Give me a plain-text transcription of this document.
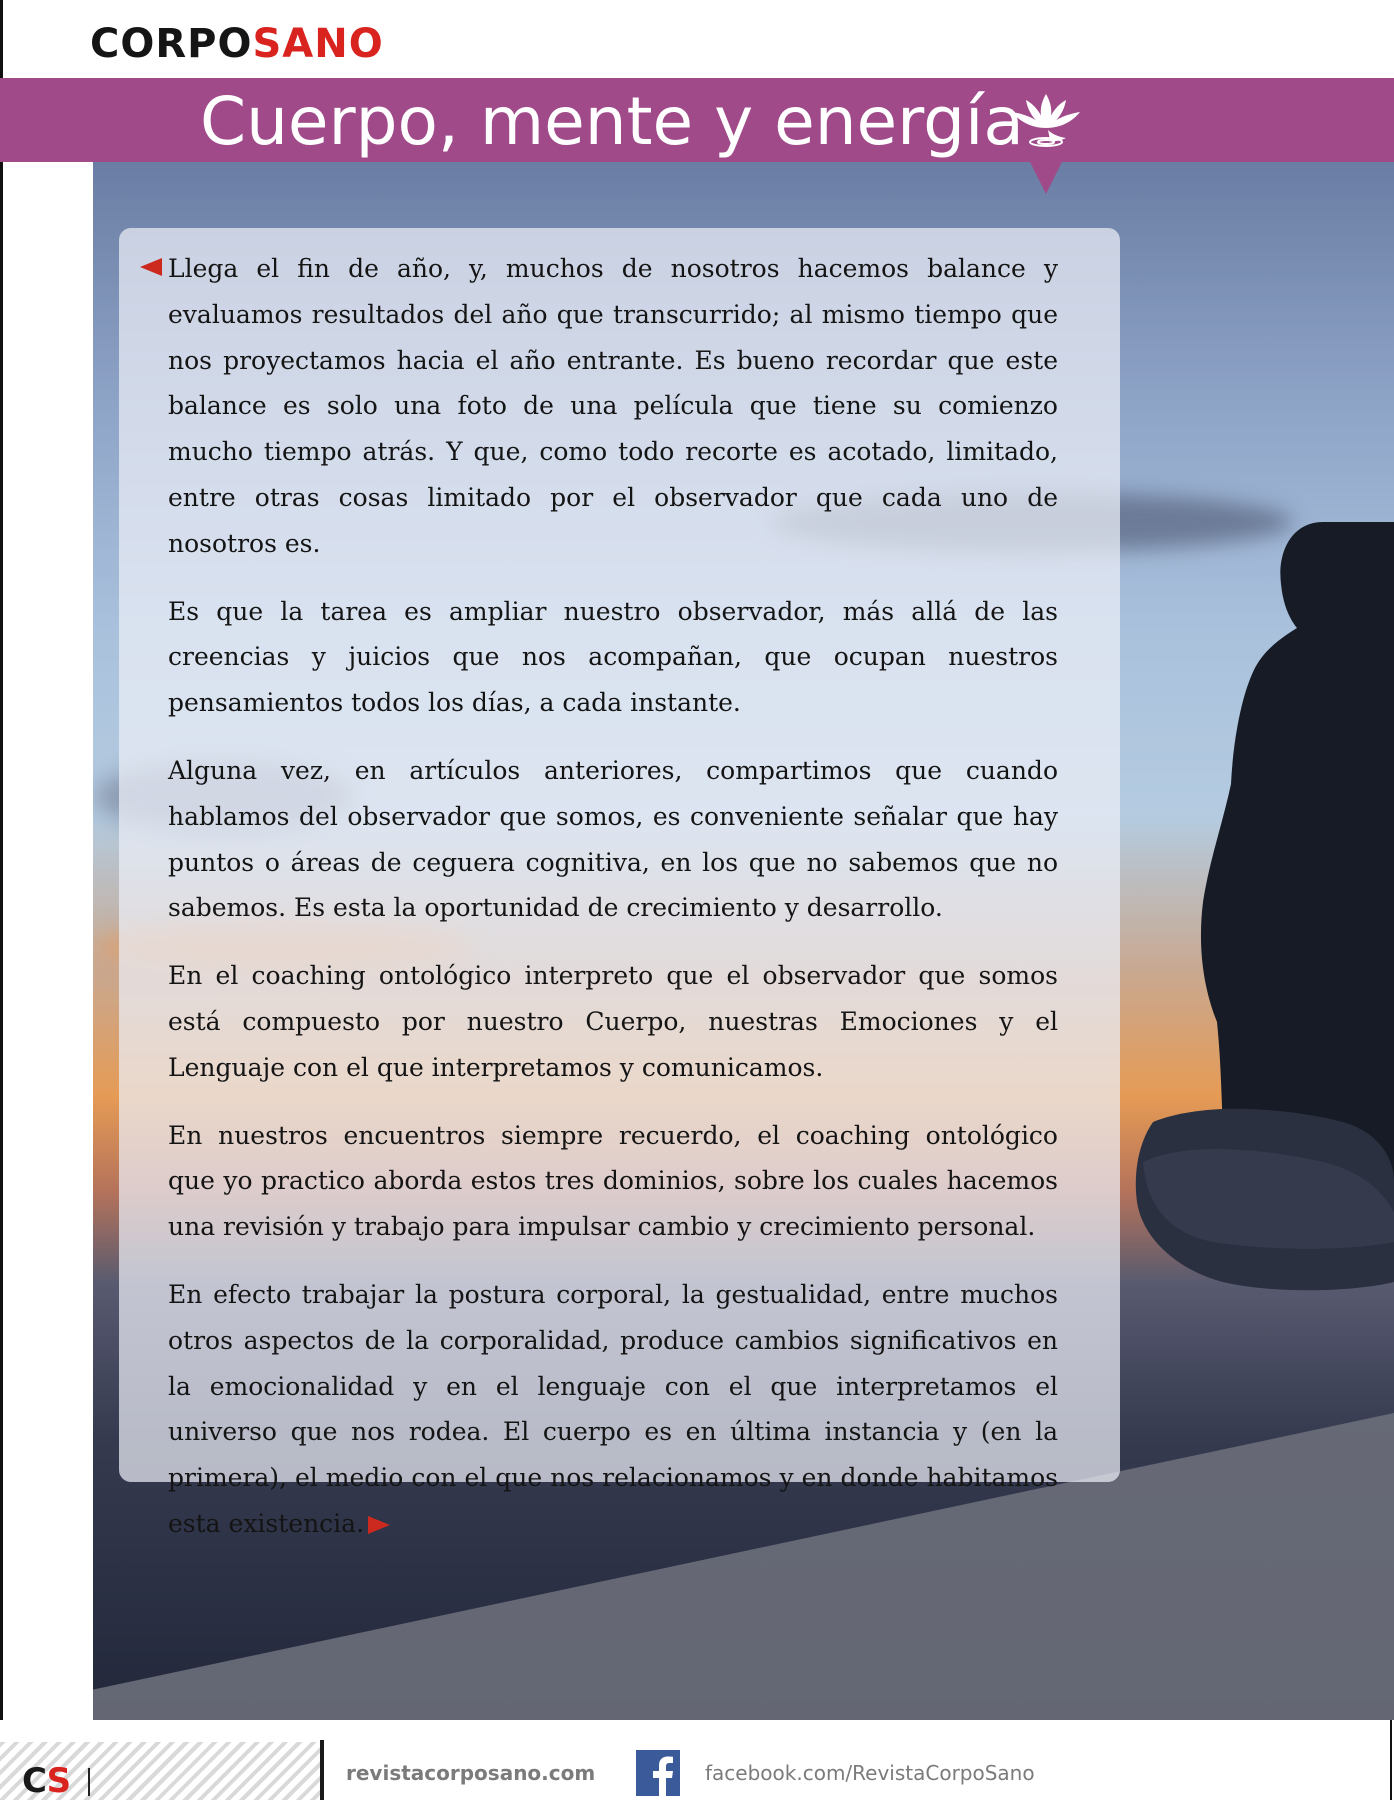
CORPO SANO
Cuerpo, mente y energía

Llega el fin de año, y, muchos de nosotros hacemos balance y evaluamos resultados del año que transcurrido; al mismo tiempo que nos proyectamos hacia el año entrante. Es bueno recordar que este balance es solo una foto de una película que tiene su comienzo mucho tiempo atrás. Y que, como todo recorte es acotado, limitado, entre otras cosas limitado por el observador que cada uno de nosotros es.

Es que la tarea es ampliar nuestro observador, más allá de las creencias y juicios que nos acompañan, que ocupan nuestros pensamientos todos los días, a cada instante.

Alguna vez, en artículos anteriores, compartimos que cuando hablamos del observador que somos, es conveniente señalar que hay puntos o áreas de ceguera cognitiva, en los que no sabemos que no sabemos. Es esta la oportunidad de crecimiento y desarrollo.

En el coaching ontológico interpreto que el observador que somos está compuesto por nuestro Cuerpo, nuestras Emociones y el Lenguaje con el que interpretamos y comunicamos.

En nuestros encuentros siempre recuerdo, el coaching ontológico que yo practico aborda estos tres dominios, sobre los cuales hacemos una revisión y trabajo para impulsar cambio y crecimiento personal.

En efecto trabajar la postura corporal, la gestualidad, entre muchos otros aspectos de la corporalidad, produce cambios significativos en la emocionalidad y en el lenguaje con el que interpretamos el universo que nos rodea. El cuerpo es en última instancia y (en la primera), el medio con el que nos relacionamos y en donde habitamos esta existencia.

CS	revistacorposano.com	facebook.com/RevistaCorpoSano
